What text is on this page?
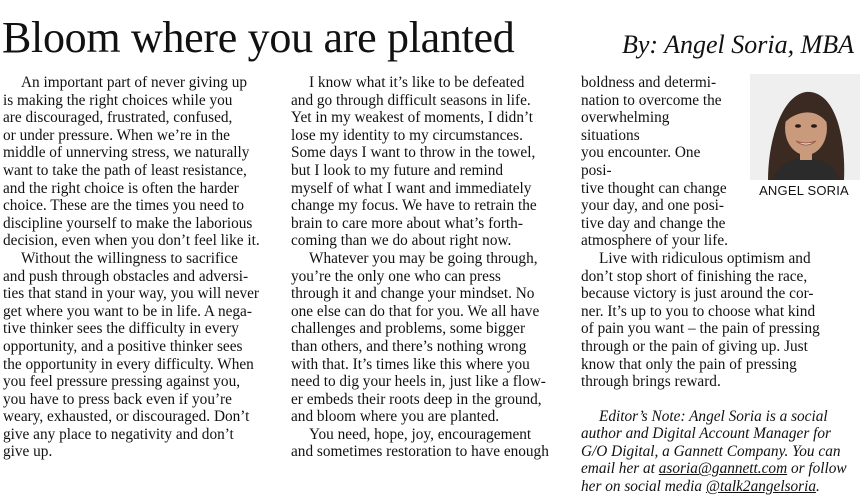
Bloom where you are planted	By: Angel Soria, MBA

An important part of never giving up
is making the right choices while you
are discouraged, frustrated, confused,
or under pressure. When we’re in the
middle of unnerving stress, we naturally
want to take the path of least resistance,
and the right choice is often the harder
choice. These are the times you need to
discipline yourself to make the laborious
decision, even when you don’t feel like it.

Without the willingness to sacrifice
and push through obstacles and adversi-
ties that stand in your way, you will never
get where you want to be in life. A nega-
tive thinker sees the difficulty in every
opportunity, and a positive thinker sees
the opportunity in every difficulty. When
you feel pressure pressing against you,
you have to press back even if you’re
weary, exhausted, or discouraged. Don’t
give any place to negativity and don’t
give up.

I know what it’s like to be defeated
and go through difficult seasons in life.
Yet in my weakest of moments, I didn’t
lose my identity to my circumstances.
Some days I want to throw in the towel,
but I look to my future and remind
myself of what I want and immediately
change my focus. We have to retrain the
brain to care more about what’s forth-
coming than we do about right now.

Whatever you may be going through,
you’re the only one who can press
through it and change your mindset. No
one else can do that for you. We all have
challenges and problems, some bigger
than others, and there’s nothing wrong
with that. It’s times like this where you
need to dig your heels in, just like a flow-
er embeds their roots deep in the ground,
and bloom where you are planted.

You need, hope, joy, encouragement
and sometimes restoration to have enough

ANGEL SORIA

boldness and determi-
nation to overcome the
overwhelming situations
you encounter. One posi-
tive thought can change
your day, and one posi-
tive day and change the
atmosphere of your life.

Live with ridiculous optimism and
don’t stop short of finishing the race,
because victory is just around the cor-
ner. It’s up to you to choose what kind
of pain you want – the pain of pressing
through or the pain of giving up. Just
know that only the pain of pressing
through brings reward.

Editor’s Note: Angel Soria is a social
author and Digital Account Manager for
G/O Digital, a Gannett Company. You can
email her at asoria@gannett.com or follow
her on social media @talk2angelsoria.
